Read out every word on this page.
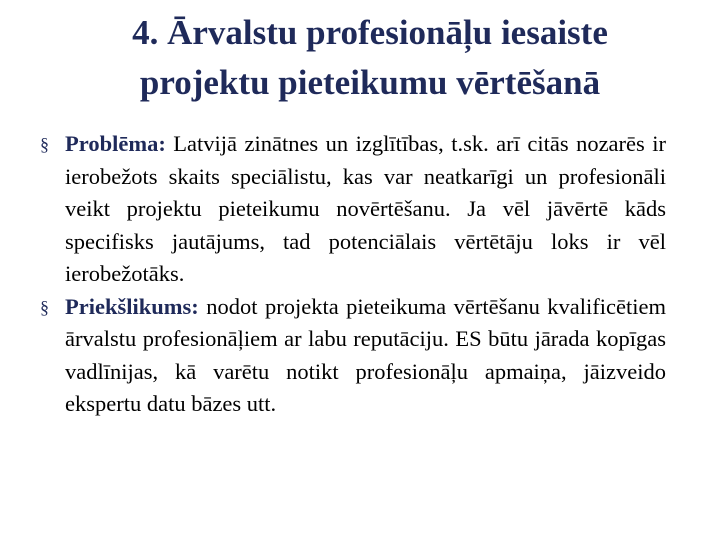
4. Ārvalstu profesionāļu iesaiste
projektu pieteikumu vērtēšanā
§ Problēma: Latvijā zinātnes un izglītības, t.sk. arī citās nozarēs ir ierobežots skaits speciālistu, kas var neatkarīgi un profesionāli veikt projektu pieteikumu novērtēšanu. Ja vēl jāvērtē kāds specifisks jautājums, tad potenciālais vērtētāju loks ir vēl ierobežotāks.
§ Priekšlikums: nodot projekta pieteikuma vērtēšanu kvalificētiem ārvalstu profesionāļiem ar labu reputāciju. ES būtu jārada kopīgas vadlīnijas, kā varētu notikt profesionāļu apmaiņa, jāizveido ekspertu datu bāzes utt.
